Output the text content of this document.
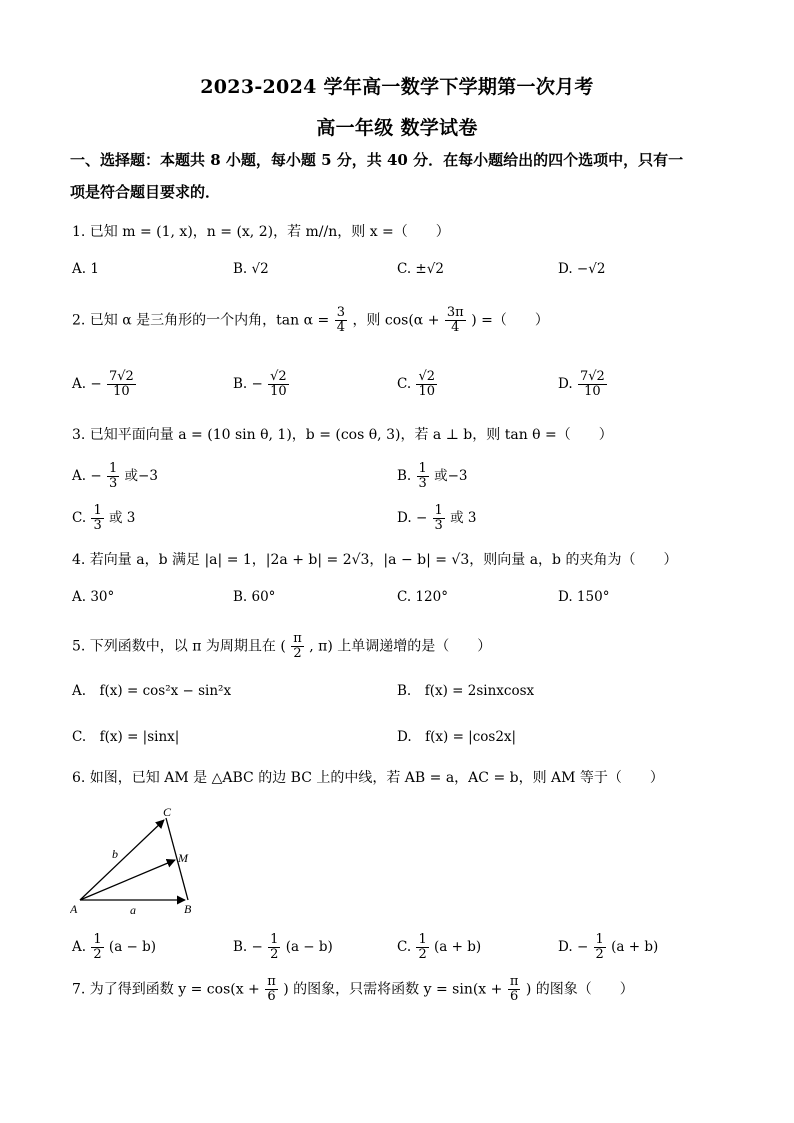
2023-2024 学年高一数学下学期第一次月考
高一年级 数学试卷
一、选择题：本题共 8 小题，每小题 5 分，共 40 分．在每小题给出的四个选项中，只有一
项是符合题目要求的．
1. 已知 m = (1, x)，n = (x, 2)，若 m//n，则 x =（　　）
A. 1	B. √2	C. ±√2	D. −√2
2. 已知 α 是三角形的一个内角，$\tan \alpha = \frac{3}{4}$ ，则 $\cos(\alpha + \frac{3\pi}{4}$ ) =（　　）
A. − $\frac{7√2}{10}$	B. − $\frac{√2}{10}$	C. $\frac{√2}{10}$	D. $\frac{7√2}{10}$
3. 已知平面向量 a = (10 sin θ, 1)，b = (cos θ, 3)，若 a ⊥ b，则 tan θ =（　　）
A. − $\frac{1}{3}$ 或−3	B. $\frac{1}{3}$ 或−3
C. $\frac{1}{3}$ 或 3	D. − $\frac{1}{3}$ 或 3
4. 若向量 a，b 满足 |a| = 1，|2a + b| = 2√3，|a − b| = √3，则向量 a，b 的夹角为（　　）
A. 30°	B. 60°	C. 120°	D. 150°
5. 下列函数中，以 π 为周期且在 ( $\frac{\pi}{2}$ , π) 上单调递增的是（　　）
A.　f(x) = cos²x − sin²x	B.　f(x) = 2sinxcosx
C.　f(x) = |sinx|	D.　f(x) = |cos2x|
6. 如图，已知 AM 是 △ABC 的边 BC 上的中线，若 AB = a，AC = b，则 AM 等于（　　）
A	B
C
M
a
b
A. $\frac{1}{2} (a - b)$	B. − $\frac{1}{2} (a - b)$	C. $\frac{1}{2} (a + b)$	D. − $\frac{1}{2} (a + b)$
7. 为了得到函数 $y = \cos(x + \frac{\pi}{6}$ ) 的图象，只需将函数 $y = \sin(x + \frac{\pi}{6}$ ) 的图象（　　）
